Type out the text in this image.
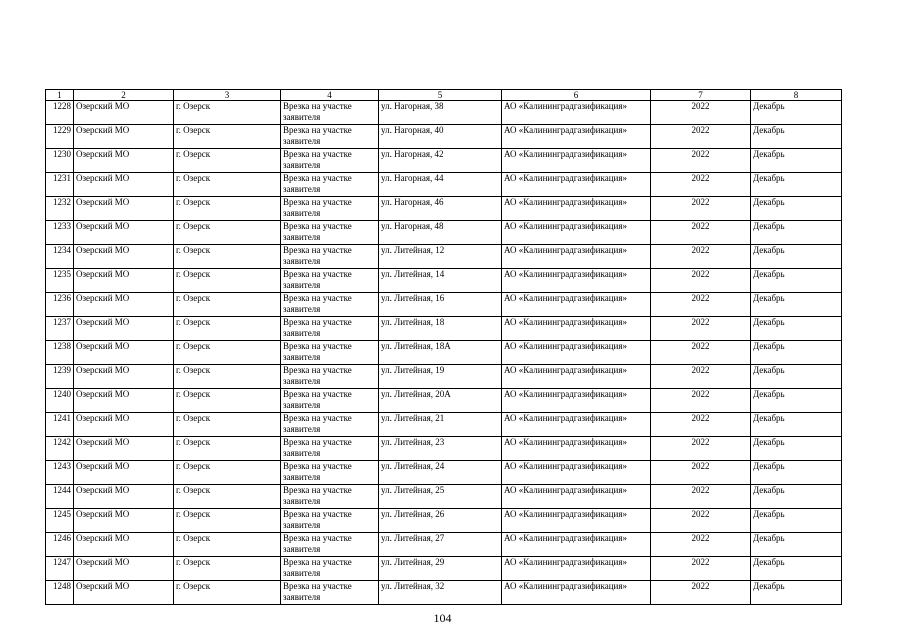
1	2	3	4	5	6	7	8
1228	Озерский МО	г. Озерск	Врезка на участке заявителя	ул. Нагорная, 38	АО «Калининградгазификация»	2022	Декабрь
1229	Озерский МО	г. Озерск	Врезка на участке заявителя	ул. Нагорная, 40	АО «Калининградгазификация»	2022	Декабрь
1230	Озерский МО	г. Озерск	Врезка на участке заявителя	ул. Нагорная, 42	АО «Калининградгазификация»	2022	Декабрь
1231	Озерский МО	г. Озерск	Врезка на участке заявителя	ул. Нагорная, 44	АО «Калининградгазификация»	2022	Декабрь
1232	Озерский МО	г. Озерск	Врезка на участке заявителя	ул. Нагорная, 46	АО «Калининградгазификация»	2022	Декабрь
1233	Озерский МО	г. Озерск	Врезка на участке заявителя	ул. Нагорная, 48	АО «Калининградгазификация»	2022	Декабрь
1234	Озерский МО	г. Озерск	Врезка на участке заявителя	ул. Литейная, 12	АО «Калининградгазификация»	2022	Декабрь
1235	Озерский МО	г. Озерск	Врезка на участке заявителя	ул. Литейная, 14	АО «Калининградгазификация»	2022	Декабрь
1236	Озерский МО	г. Озерск	Врезка на участке заявителя	ул. Литейная, 16	АО «Калининградгазификация»	2022	Декабрь
1237	Озерский МО	г. Озерск	Врезка на участке заявителя	ул. Литейная, 18	АО «Калининградгазификация»	2022	Декабрь
1238	Озерский МО	г. Озерск	Врезка на участке заявителя	ул. Литейная, 18А	АО «Калининградгазификация»	2022	Декабрь
1239	Озерский МО	г. Озерск	Врезка на участке заявителя	ул. Литейная, 19	АО «Калининградгазификация»	2022	Декабрь
1240	Озерский МО	г. Озерск	Врезка на участке заявителя	ул. Литейная, 20А	АО «Калининградгазификация»	2022	Декабрь
1241	Озерский МО	г. Озерск	Врезка на участке заявителя	ул. Литейная, 21	АО «Калининградгазификация»	2022	Декабрь
1242	Озерский МО	г. Озерск	Врезка на участке заявителя	ул. Литейная, 23	АО «Калининградгазификация»	2022	Декабрь
1243	Озерский МО	г. Озерск	Врезка на участке заявителя	ул. Литейная, 24	АО «Калининградгазификация»	2022	Декабрь
1244	Озерский МО	г. Озерск	Врезка на участке заявителя	ул. Литейная, 25	АО «Калининградгазификация»	2022	Декабрь
1245	Озерский МО	г. Озерск	Врезка на участке заявителя	ул. Литейная, 26	АО «Калининградгазификация»	2022	Декабрь
1246	Озерский МО	г. Озерск	Врезка на участке заявителя	ул. Литейная, 27	АО «Калининградгазификация»	2022	Декабрь
1247	Озерский МО	г. Озерск	Врезка на участке заявителя	ул. Литейная, 29	АО «Калининградгазификация»	2022	Декабрь
1248	Озерский МО	г. Озерск	Врезка на участке заявителя	ул. Литейная, 32	АО «Калининградгазификация»	2022	Декабрь
104
